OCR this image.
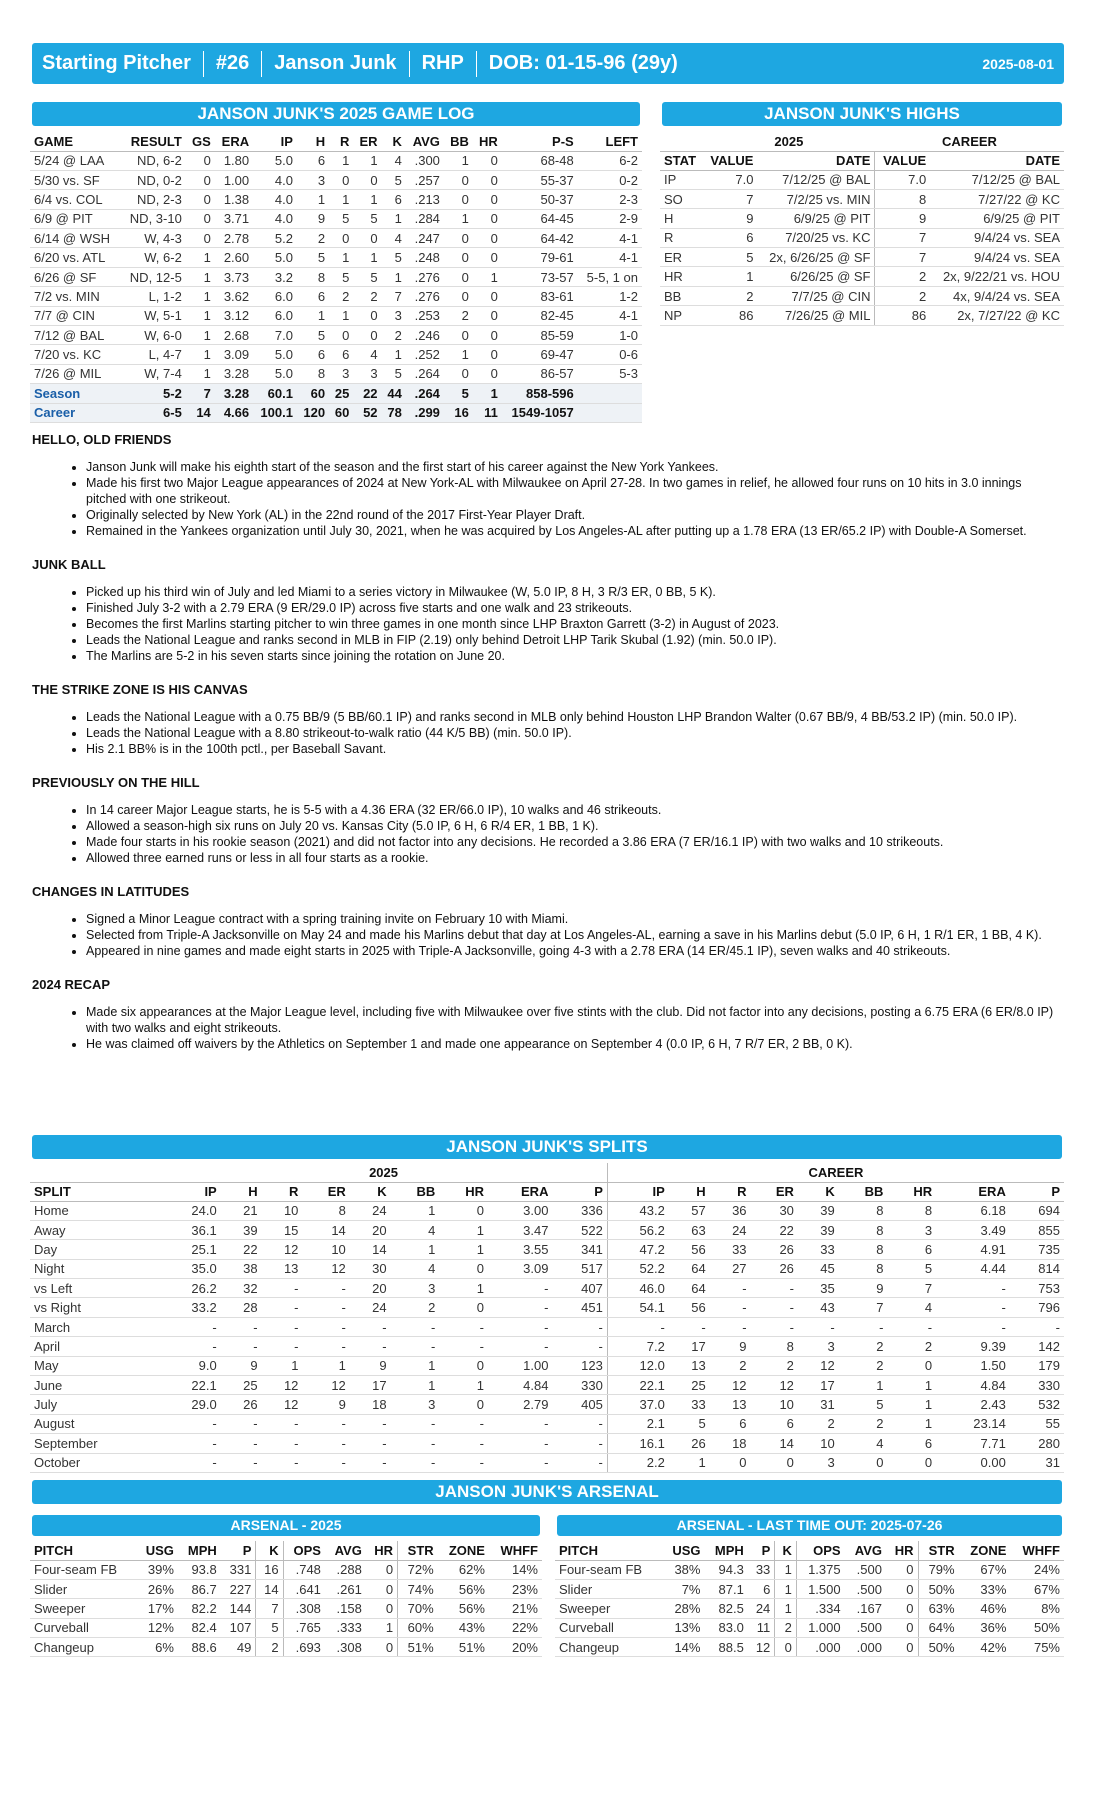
Starting Pitcher #26 Janson Junk RHP DOB: 01-15-96 (29y)	2025-08-01
JANSON JUNK'S 2025 GAME LOG
GAME	RESULT	GS	ERA	IP	H	R	ER	K	AVG	BB	HR	P-S	LEFT
5/24 @ LAA	ND, 6-2	0	1.80	5.0	6	1	1	4	.300	1	0	68-48	6-2
5/30 vs. SF	ND, 0-2	0	1.00	4.0	3	0	0	5	.257	0	0	55-37	0-2
6/4 vs. COL	ND, 2-3	0	1.38	4.0	1	1	1	6	.213	0	0	50-37	2-3
6/9 @ PIT	ND, 3-10	0	3.71	4.0	9	5	5	1	.284	1	0	64-45	2-9
6/14 @ WSH	W, 4-3	0	2.78	5.2	2	0	0	4	.247	0	0	64-42	4-1
6/20 vs. ATL	W, 6-2	1	2.60	5.0	5	1	1	5	.248	0	0	79-61	4-1
6/26 @ SF	ND, 12-5	1	3.73	3.2	8	5	5	1	.276	0	1	73-57	5-5, 1 on
7/2 vs. MIN	L, 1-2	1	3.62	6.0	6	2	2	7	.276	0	0	83-61	1-2
7/7 @ CIN	W, 5-1	1	3.12	6.0	1	1	0	3	.253	2	0	82-45	4-1
7/12 @ BAL	W, 6-0	1	2.68	7.0	5	0	0	2	.246	0	0	85-59	1-0
7/20 vs. KC	L, 4-7	1	3.09	5.0	6	6	4	1	.252	1	0	69-47	0-6
7/26 @ MIL	W, 7-4	1	3.28	5.0	8	3	3	5	.264	0	0	86-57	5-3
Season	5-2	7	3.28	60.1	60	25	22	44	.264	5	1	858-596	
Career	6-5	14	4.66	100.1	120	60	52	78	.299	16	11	1549-1057	
JANSON JUNK'S HIGHS
	2025		CAREER	
STAT	VALUE	DATE	VALUE	DATE
IP	7.0	7/12/25 @ BAL	7.0	7/12/25 @ BAL
SO	7	7/2/25 vs. MIN	8	7/27/22 @ KC
H	9	6/9/25 @ PIT	9	6/9/25 @ PIT
R	6	7/20/25 vs. KC	7	9/4/24 vs. SEA
ER	5	2x, 6/26/25 @ SF	7	9/4/24 vs. SEA
HR	1	6/26/25 @ SF	2	2x, 9/22/21 vs. HOU
BB	2	7/7/25 @ CIN	2	4x, 9/4/24 vs. SEA
NP	86	7/26/25 @ MIL	86	2x, 7/27/22 @ KC
HELLO, OLD FRIENDS
• Janson Junk will make his eighth start of the season and the first start of his career against the New York Yankees.
• Made his first two Major League appearances of 2024 at New York-AL with Milwaukee on April 27-28. In two games in relief, he allowed four runs on 10 hits in 3.0 innings pitched with one strikeout.
• Originally selected by New York (AL) in the 22nd round of the 2017 First-Year Player Draft.
• Remained in the Yankees organization until July 30, 2021, when he was acquired by Los Angeles-AL after putting up a 1.78 ERA (13 ER/65.2 IP) with Double-A Somerset.
JUNK BALL
• Picked up his third win of July and led Miami to a series victory in Milwaukee (W, 5.0 IP, 8 H, 3 R/3 ER, 0 BB, 5 K).
• Finished July 3-2 with a 2.79 ERA (9 ER/29.0 IP) across five starts and one walk and 23 strikeouts.
• Becomes the first Marlins starting pitcher to win three games in one month since LHP Braxton Garrett (3-2) in August of 2023.
• Leads the National League and ranks second in MLB in FIP (2.19) only behind Detroit LHP Tarik Skubal (1.92) (min. 50.0 IP).
• The Marlins are 5-2 in his seven starts since joining the rotation on June 20.
THE STRIKE ZONE IS HIS CANVAS
• Leads the National League with a 0.75 BB/9 (5 BB/60.1 IP) and ranks second in MLB only behind Houston LHP Brandon Walter (0.67 BB/9, 4 BB/53.2 IP) (min. 50.0 IP).
• Leads the National League with a 8.80 strikeout-to-walk ratio (44 K/5 BB) (min. 50.0 IP).
• His 2.1 BB% is in the 100th pctl., per Baseball Savant.
PREVIOUSLY ON THE HILL
• In 14 career Major League starts, he is 5-5 with a 4.36 ERA (32 ER/66.0 IP), 10 walks and 46 strikeouts.
• Allowed a season-high six runs on July 20 vs. Kansas City (5.0 IP, 6 H, 6 R/4 ER, 1 BB, 1 K).
• Made four starts in his rookie season (2021) and did not factor into any decisions. He recorded a 3.86 ERA (7 ER/16.1 IP) with two walks and 10 strikeouts.
• Allowed three earned runs or less in all four starts as a rookie.
CHANGES IN LATITUDES
• Signed a Minor League contract with a spring training invite on February 10 with Miami.
• Selected from Triple-A Jacksonville on May 24 and made his Marlins debut that day at Los Angeles-AL, earning a save in his Marlins debut (5.0 IP, 6 H, 1 R/1 ER, 1 BB, 4 K).
• Appeared in nine games and made eight starts in 2025 with Triple-A Jacksonville, going 4-3 with a 2.78 ERA (14 ER/45.1 IP), seven walks and 40 strikeouts.
2024 RECAP
• Made six appearances at the Major League level, including five with Milwaukee over five stints with the club. Did not factor into any decisions, posting a 6.75 ERA (6 ER/8.0 IP) with two walks and eight strikeouts.
• He was claimed off waivers by the Athletics on September 1 and made one appearance on September 4 (0.0 IP, 6 H, 7 R/7 ER, 2 BB, 0 K).
JANSON JUNK'S SPLITS
	2025									CAREER								
SPLIT	IP	H	R	ER	K	BB	HR	ERA	P	IP	H	R	ER	K	BB	HR	ERA	P
Home	24.0	21	10	8	24	1	0	3.00	336	43.2	57	36	30	39	8	8	6.18	694
Away	36.1	39	15	14	20	4	1	3.47	522	56.2	63	24	22	39	8	3	3.49	855
Day	25.1	22	12	10	14	1	1	3.55	341	47.2	56	33	26	33	8	6	4.91	735
Night	35.0	38	13	12	30	4	0	3.09	517	52.2	64	27	26	45	8	5	4.44	814
vs Left	26.2	32	-	-	20	3	1	-	407	46.0	64	-	-	35	9	7	-	753
vs Right	33.2	28	-	-	24	2	0	-	451	54.1	56	-	-	43	7	4	-	796
March	-	-	-	-	-	-	-	-	-	-	-	-	-	-	-	-	-	-
April	-	-	-	-	-	-	-	-	-	7.2	17	9	8	3	2	2	9.39	142
May	9.0	9	1	1	9	1	0	1.00	123	12.0	13	2	2	12	2	0	1.50	179
June	22.1	25	12	12	17	1	1	4.84	330	22.1	25	12	12	17	1	1	4.84	330
July	29.0	26	12	9	18	3	0	2.79	405	37.0	33	13	10	31	5	1	2.43	532
August	-	-	-	-	-	-	-	-	-	2.1	5	6	6	2	2	1	23.14	55
September	-	-	-	-	-	-	-	-	-	16.1	26	18	14	10	4	6	7.71	280
October	-	-	-	-	-	-	-	-	-	2.2	1	0	0	3	0	0	0.00	31
JANSON JUNK'S ARSENAL
ARSENAL - 2025
PITCH	USG	MPH	P	K	OPS	AVG	HR	STR	ZONE	WHFF
Four-seam FB	39%	93.8	331	16	.748	.288	0	72%	62%	14%
Slider	26%	86.7	227	14	.641	.261	0	74%	56%	23%
Sweeper	17%	82.2	144	7	.308	.158	0	70%	56%	21%
Curveball	12%	82.4	107	5	.765	.333	1	60%	43%	22%
Changeup	6%	88.6	49	2	.693	.308	0	51%	51%	20%
ARSENAL - LAST TIME OUT: 2025-07-26
PITCH	USG	MPH	P	K	OPS	AVG	HR	STR	ZONE	WHFF
Four-seam FB	38%	94.3	33	1	1.375	.500	0	79%	67%	24%
Slider	7%	87.1	6	1	1.500	.500	0	50%	33%	67%
Sweeper	28%	82.5	24	1	.334	.167	0	63%	46%	8%
Curveball	13%	83.0	11	2	1.000	.500	0	64%	36%	50%
Changeup	14%	88.5	12	0	.000	.000	0	50%	42%	75%
